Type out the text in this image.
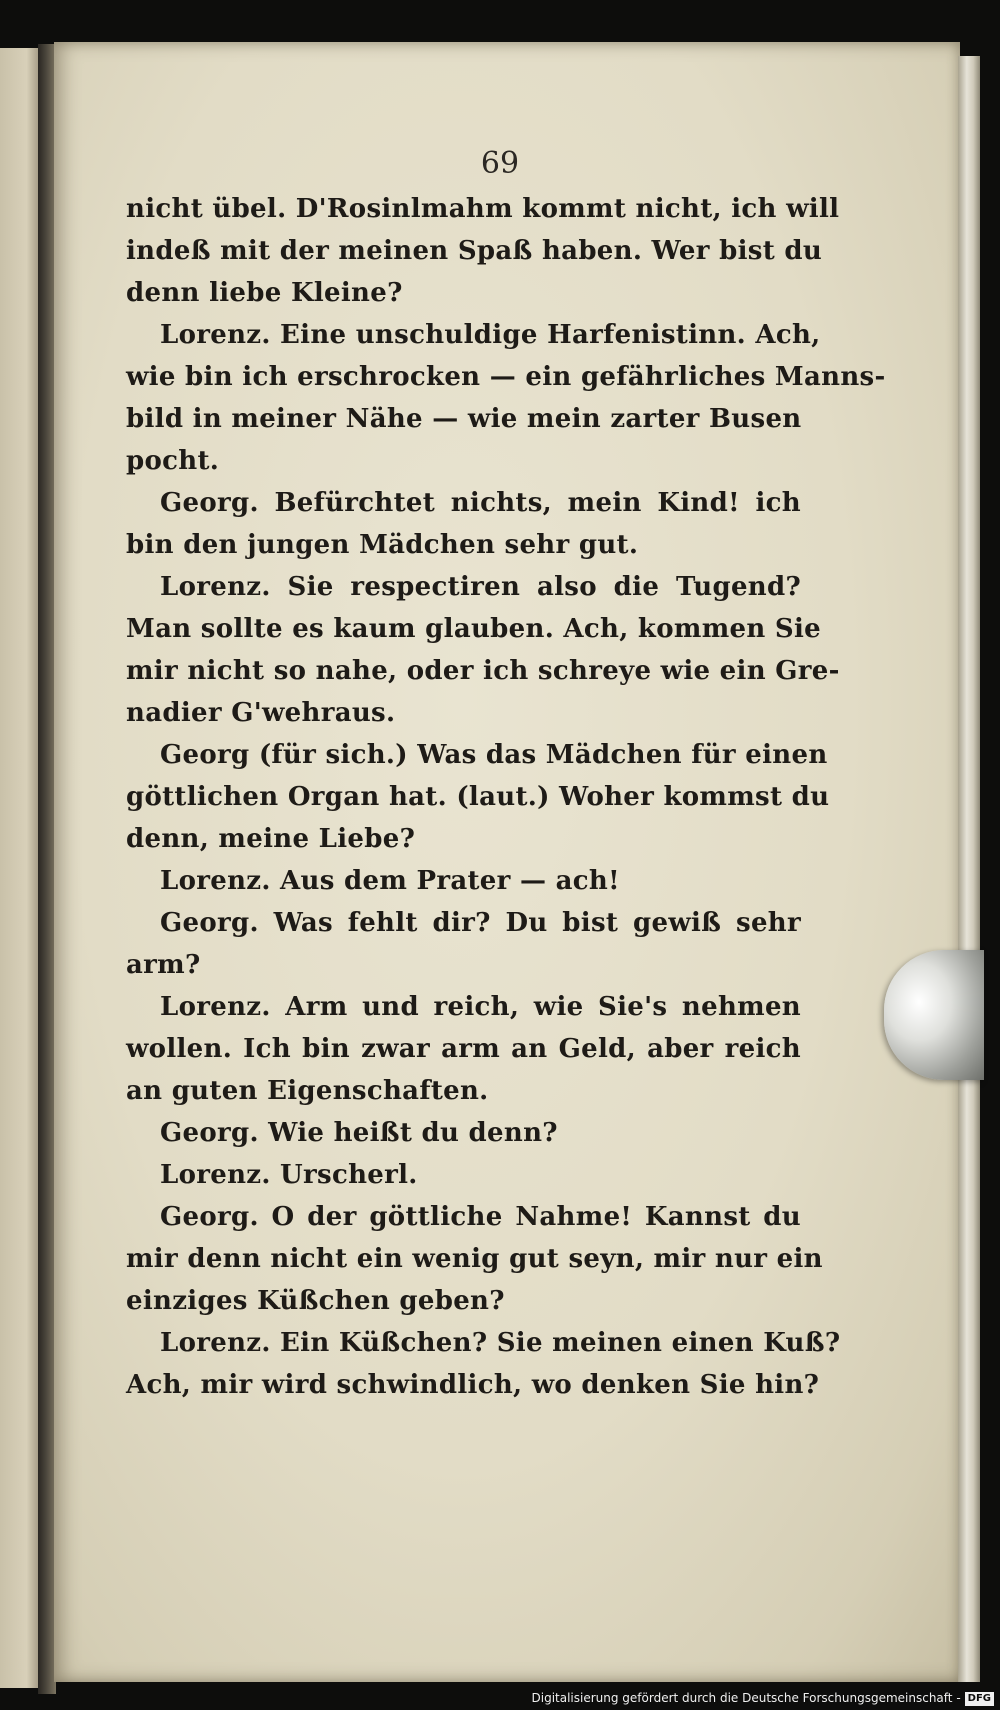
69
nicht übel. D'Rosinlmahm kommt nicht, ich will
indeß mit der meinen Spaß haben. Wer bist du
denn liebe Kleine?
Lorenz. Eine unschuldige Harfenistinn. Ach,
wie bin ich erschrocken — ein gefährliches Manns-
bild in meiner Nähe — wie mein zarter Busen
pocht.
Georg. Befürchtet nichts, mein Kind! ich
bin den jungen Mädchen sehr gut.
Lorenz. Sie respectiren also die Tugend?
Man sollte es kaum glauben. Ach, kommen Sie
mir nicht so nahe, oder ich schreye wie ein Gre-
nadier G'wehraus.
Georg (für sich.) Was das Mädchen für einen
göttlichen Organ hat. (laut.) Woher kommst du
denn, meine Liebe?
Lorenz. Aus dem Prater — ach!
Georg. Was fehlt dir? Du bist gewiß sehr
arm?
Lorenz. Arm und reich, wie Sie's nehmen
wollen. Ich bin zwar arm an Geld, aber reich
an guten Eigenschaften.
Georg. Wie heißt du denn?
Lorenz. Urscherl.
Georg. O der göttliche Nahme! Kannst du
mir denn nicht ein wenig gut seyn, mir nur ein
einziges Küßchen geben?
Lorenz. Ein Küßchen? Sie meinen einen Kuß?
Ach, mir wird schwindlich, wo denken Sie hin?
Digitalisierung gefördert durch die Deutsche Forschungsgemeinschaft - DFG
